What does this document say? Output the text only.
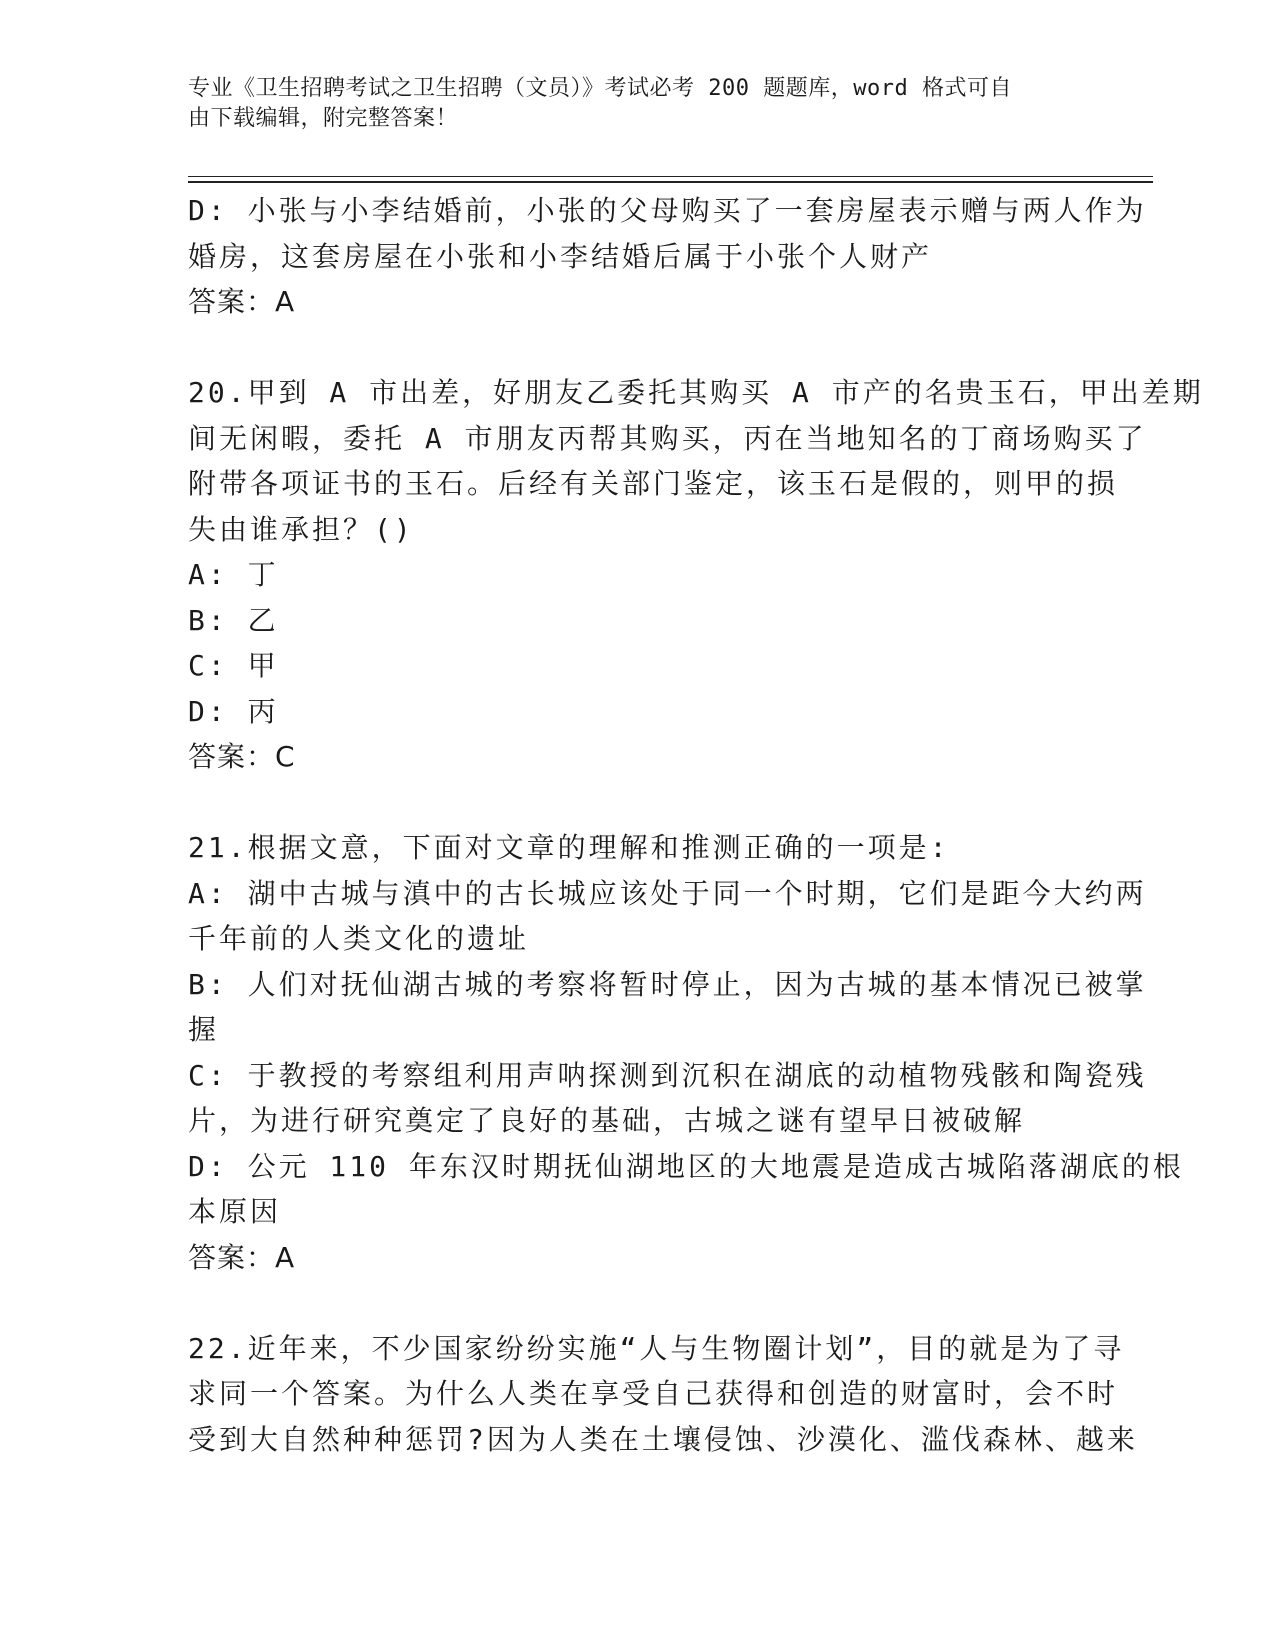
专业《卫生招聘考试之卫生招聘（文员）》考试必考 200 题题库，word 格式可自
由下载编辑，附完整答案！
D: 小张与小李结婚前，小张的父母购买了一套房屋表示赠与两人作为
婚房，这套房屋在小张和小李结婚后属于小张个人财产
答案：A
20.甲到 A 市出差，好朋友乙委托其购买 A 市产的名贵玉石，甲出差期
间无闲暇，委托 A 市朋友丙帮其购买，丙在当地知名的丁商场购买了
附带各项证书的玉石。后经有关部门鉴定，该玉石是假的，则甲的损
失由谁承担？()
A: 丁
B: 乙
C: 甲
D: 丙
答案：C
21.根据文意，下面对文章的理解和推测正确的一项是:
A: 湖中古城与滇中的古长城应该处于同一个时期，它们是距今大约两
千年前的人类文化的遗址
B: 人们对抚仙湖古城的考察将暂时停止，因为古城的基本情况已被掌
握
C: 于教授的考察组利用声呐探测到沉积在湖底的动植物残骸和陶瓷残
片，为进行研究奠定了良好的基础，古城之谜有望早日被破解
D: 公元 110 年东汉时期抚仙湖地区的大地震是造成古城陷落湖底的根
本原因
答案：A
22.近年来，不少国家纷纷实施“人与生物圈计划”，目的就是为了寻
求同一个答案。为什么人类在享受自己获得和创造的财富时，会不时
受到大自然种种惩罚?因为人类在土壤侵蚀、沙漠化、滥伐森林、越来
